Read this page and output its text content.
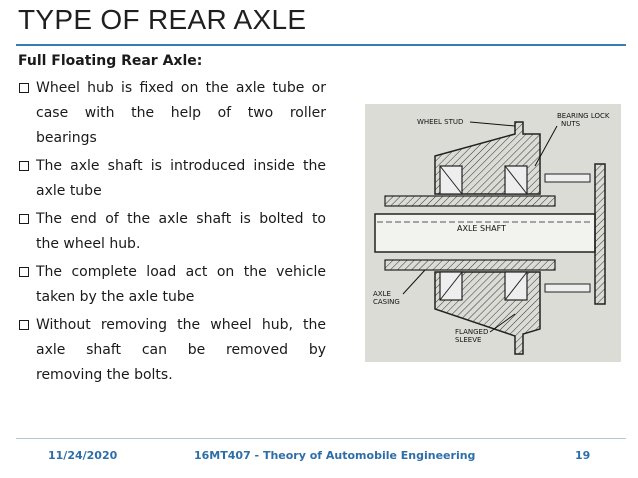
TYPE OF REAR AXLE
Full Floating Rear Axle:
Wheel hub is fixed on the axle tube or case with the help of two roller
bearings
The axle shaft is introduced inside the
axle tube
The end of the axle shaft is bolted to
the wheel hub.
The complete load act on the vehicle
taken by the axle tube
Without removing the wheel hub, the axle shaft can be removed by
removing the bolts.
WHEEL STUD
BEARING LOCK
NUTS
AXLE SHAFT
AXLE
CASING
FLANGED
SLEEVE
11/24/2020	16MT407 - Theory of Automobile Engineering	19
